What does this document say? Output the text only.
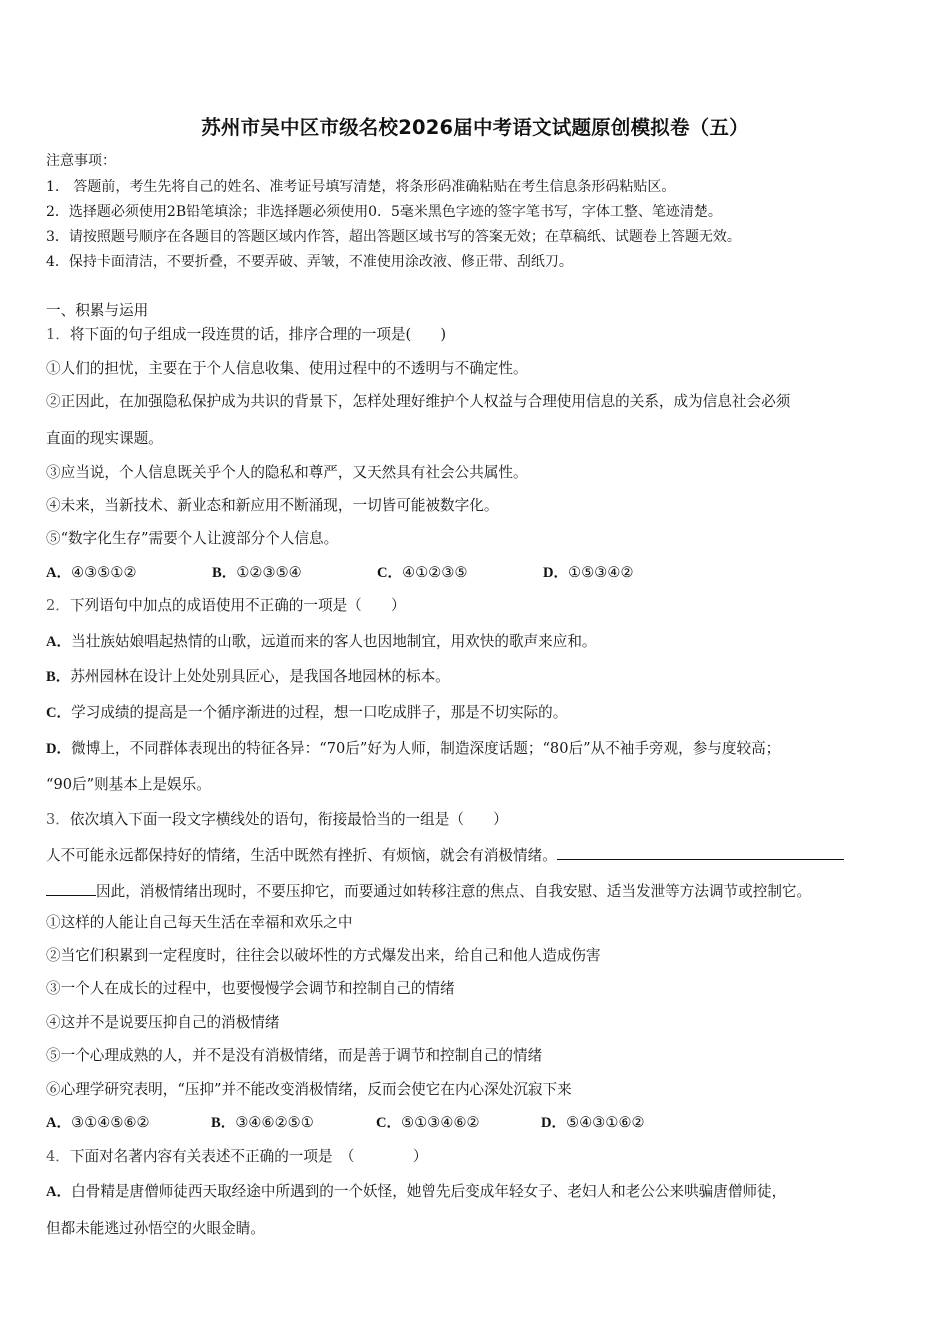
苏州市吴中区市级名校2026届中考语文试题原创模拟卷（五）
注意事项：
1.　答题前，考生先将自己的姓名、准考证号填写清楚，将条形码准确粘贴在考生信息条形码粘贴区。
2．选择题必须使用2B铅笔填涂；非选择题必须使用0．5毫米黑色字迹的签字笔书写，字体工整、笔迹清楚。
3．请按照题号顺序在各题目的答题区域内作答，超出答题区域书写的答案无效；在草稿纸、试题卷上答题无效。
4．保持卡面清洁，不要折叠，不要弄破、弄皱，不准使用涂改液、修正带、刮纸刀。
一、积累与运用
1．将下面的句子组成一段连贯的话，排序合理的一项是(　　)
①人们的担忧，主要在于个人信息收集、使用过程中的不透明与不确定性。
②正因此，在加强隐私保护成为共识的背景下，怎样处理好维护个人权益与合理使用信息的关系，成为信息社会必须
直面的现实课题。
③应当说，个人信息既关乎个人的隐私和尊严，又天然具有社会公共属性。
④未来，当新技术、新业态和新应用不断涌现，一切皆可能被数字化。
⑤“数字化生存”需要个人让渡部分个人信息。
A．④③⑤①②	B．①②③⑤④	C．④①②③⑤	D．①⑤③④②
2．下列语句中加点的成语使用不正确的一项是（　　）
A．当壮族姑娘唱起热情的山歌，远道而来的客人也因地制宜，用欢快的歌声来应和。
B．苏州园林在设计上处处别具匠心，是我国各地园林的标本。
C．学习成绩的提高是一个循序渐进的过程，想一口吃成胖子，那是不切实际的。
D．微博上，不同群体表现出的特征各异：“70后”好为人师，制造深度话题；“80后”从不袖手旁观，参与度较高；
“90后”则基本上是娱乐。
3．依次填入下面一段文字横线处的语句，衔接最恰当的一组是（　　）
人不可能永远都保持好的情绪，生活中既然有挫折、有烦恼，就会有消极情绪。
因此，消极情绪出现时，不要压抑它，而要通过如转移注意的焦点、自我安慰、适当发泄等方法调节或控制它。
①这样的人能让自己每天生活在幸福和欢乐之中
②当它们积累到一定程度时，往往会以破坏性的方式爆发出来，给自己和他人造成伤害
③一个人在成长的过程中，也要慢慢学会调节和控制自己的情绪
④这并不是说要压抑自己的消极情绪
⑤一个心理成熟的人，并不是没有消极情绪，而是善于调节和控制自己的情绪
⑥心理学研究表明，“压抑”并不能改变消极情绪，反而会使它在内心深处沉寂下来
A．③①④⑤⑥②	B．③④⑥②⑤①	C．⑤①③④⑥②	D．⑤④③①⑥②
4．下面对名著内容有关表述不正确的一项是　（　　　　）
A．白骨精是唐僧师徒西天取经途中所遇到的一个妖怪，她曾先后变成年轻女子、老妇人和老公公来哄骗唐僧师徒，
但都未能逃过孙悟空的火眼金睛。
